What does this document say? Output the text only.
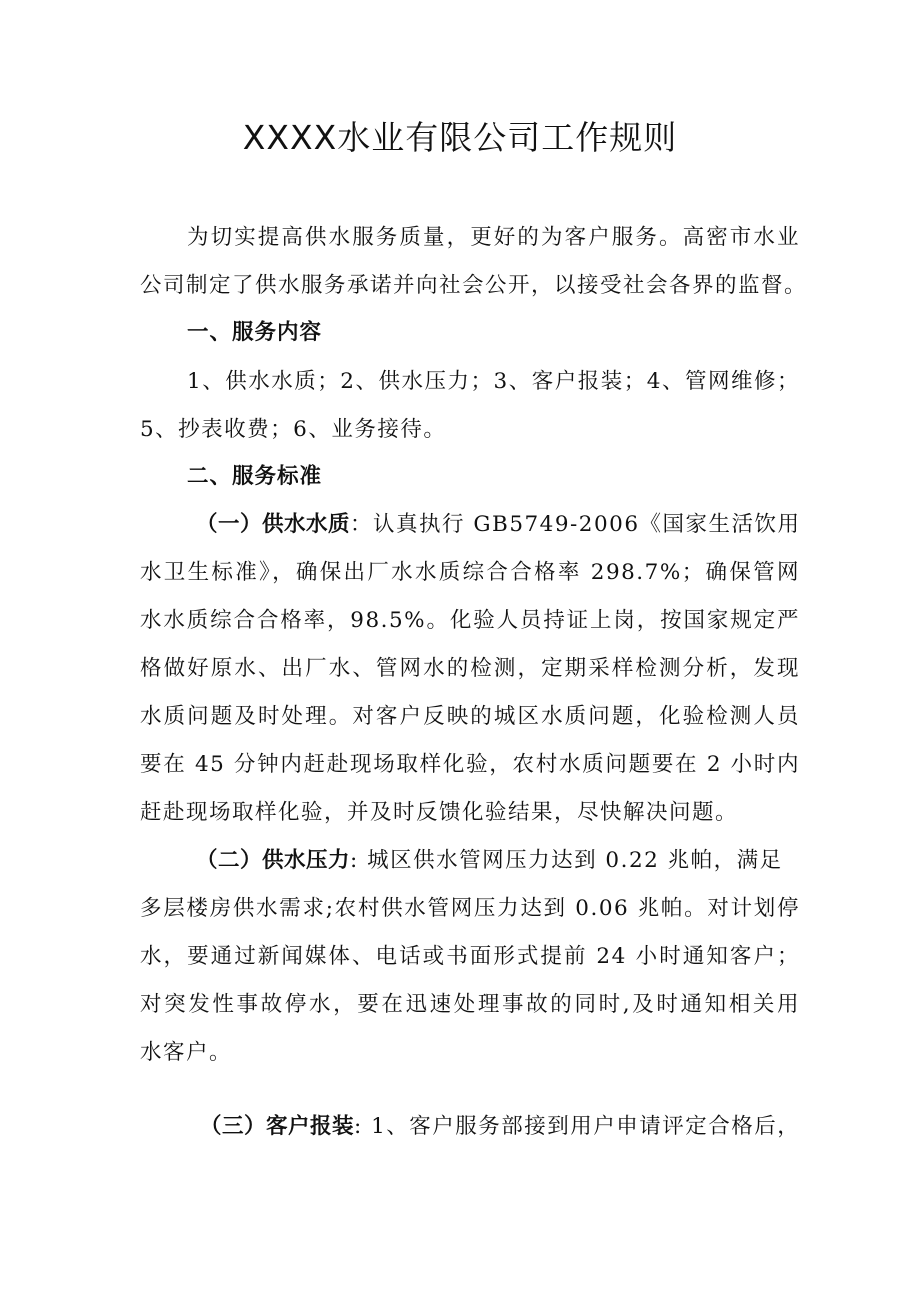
XXXX水业有限公司工作规则
为切实提高供水服务质量，更好的为客户服务。高密市水业
公司制定了供水服务承诺并向社会公开，以接受社会各界的监督。
一、服务内容
1、供水水质；2、供水压力；3、客户报装；4、管网维修；
5、抄表收费；6、业务接待。
二、服务标准
（一）供水水质：认真执行 GB5749-2006《国家生活饮用
水卫生标准》，确保出厂水水质综合合格率 298.7%；确保管网
水水质综合合格率，98.5%。化验人员持证上岗，按国家规定严
格做好原水、出厂水、管网水的检测，定期采样检测分析，发现
水质问题及时处理。对客户反映的城区水质问题，化验检测人员
要在 45 分钟内赶赴现场取样化验，农村水质问题要在 2 小时内
赶赴现场取样化验，并及时反馈化验结果，尽快解决问题。
（二）供水压力: 城区供水管网压力达到 0.22 兆帕，满足
多层楼房供水需求;农村供水管网压力达到 0.06 兆帕。对计划停
水，要通过新闻媒体、电话或书面形式提前 24 小时通知客户；
对突发性事故停水，要在迅速处理事故的同时,及时通知相关用
水客户。
（三）客户报装: 1、客户服务部接到用户申请评定合格后，
